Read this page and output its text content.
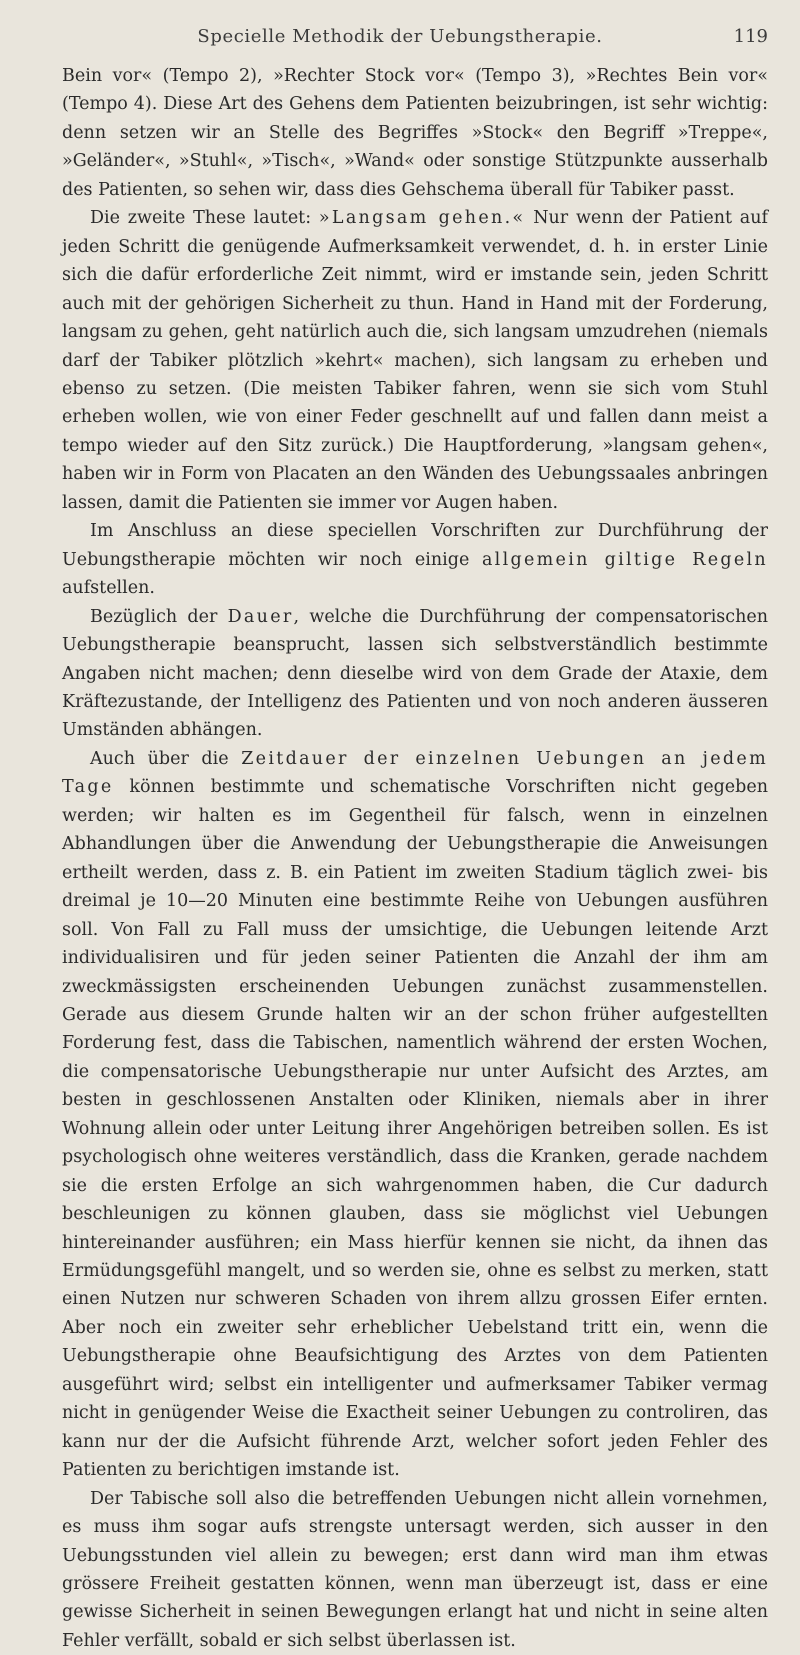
Specielle Methodik der Uebungstherapie.	119

Bein vor« (Tempo 2), »Rechter Stock vor« (Tempo 3), »Rechtes Bein vor« (Tempo 4). Diese Art des Gehens dem Patienten beizubringen, ist sehr wichtig: denn setzen wir an Stelle des Begriffes »Stock« den Begriff »Treppe«, »Geländer«, »Stuhl«, »Tisch«, »Wand« oder sonstige Stützpunkte ausserhalb des Patienten, so sehen wir, dass dies Gehschema überall für Tabiker passt.

Die zweite These lautet: »Langsam gehen.« Nur wenn der Patient auf jeden Schritt die genügende Aufmerksamkeit verwendet, d. h. in erster Linie sich die dafür erforderliche Zeit nimmt, wird er imstande sein, jeden Schritt auch mit der gehörigen Sicherheit zu thun. Hand in Hand mit der Forderung, langsam zu gehen, geht natürlich auch die, sich langsam umzudrehen (niemals darf der Tabiker plötzlich »kehrt« machen), sich langsam zu erheben und ebenso zu setzen. (Die meisten Tabiker fahren, wenn sie sich vom Stuhl erheben wollen, wie von einer Feder geschnellt auf und fallen dann meist a tempo wieder auf den Sitz zurück.) Die Hauptforderung, »langsam gehen«, haben wir in Form von Placaten an den Wänden des Uebungssaales anbringen lassen, damit die Patienten sie immer vor Augen haben.

Im Anschluss an diese speciellen Vorschriften zur Durchführung der Uebungstherapie möchten wir noch einige allgemein giltige Regeln aufstellen.

Bezüglich der Dauer, welche die Durchführung der compensatorischen Uebungstherapie beansprucht, lassen sich selbstverständlich bestimmte Angaben nicht machen; denn dieselbe wird von dem Grade der Ataxie, dem Kräftezustande, der Intelligenz des Patienten und von noch anderen äusseren Umständen abhängen.

Auch über die Zeitdauer der einzelnen Uebungen an jedem Tage können bestimmte und schematische Vorschriften nicht gegeben werden; wir halten es im Gegentheil für falsch, wenn in einzelnen Abhandlungen über die Anwendung der Uebungstherapie die Anweisungen ertheilt werden, dass z. B. ein Patient im zweiten Stadium täglich zwei- bis dreimal je 10—20 Minuten eine bestimmte Reihe von Uebungen ausführen soll. Von Fall zu Fall muss der umsichtige, die Uebungen leitende Arzt individualisiren und für jeden seiner Patienten die Anzahl der ihm am zweckmässigsten erscheinenden Uebungen zunächst zusammenstellen. Gerade aus diesem Grunde halten wir an der schon früher aufgestellten Forderung fest, dass die Tabischen, namentlich während der ersten Wochen, die compensatorische Uebungstherapie nur unter Aufsicht des Arztes, am besten in geschlossenen Anstalten oder Kliniken, niemals aber in ihrer Wohnung allein oder unter Leitung ihrer Angehörigen betreiben sollen. Es ist psychologisch ohne weiteres verständlich, dass die Kranken, gerade nachdem sie die ersten Erfolge an sich wahrgenommen haben, die Cur dadurch beschleunigen zu können glauben, dass sie möglichst viel Uebungen hintereinander ausführen; ein Mass hierfür kennen sie nicht, da ihnen das Ermüdungsgefühl mangelt, und so werden sie, ohne es selbst zu merken, statt einen Nutzen nur schweren Schaden von ihrem allzu grossen Eifer ernten. Aber noch ein zweiter sehr erheblicher Uebelstand tritt ein, wenn die Uebungstherapie ohne Beaufsichtigung des Arztes von dem Patienten ausgeführt wird; selbst ein intelligenter und aufmerksamer Tabiker vermag nicht in genügender Weise die Exactheit seiner Uebungen zu controliren, das kann nur der die Aufsicht führende Arzt, welcher sofort jeden Fehler des Patienten zu berichtigen imstande ist.

Der Tabische soll also die betreffenden Uebungen nicht allein vornehmen, es muss ihm sogar aufs strengste untersagt werden, sich ausser in den Uebungsstunden viel allein zu bewegen; erst dann wird man ihm etwas grössere Freiheit gestatten können, wenn man überzeugt ist, dass er eine gewisse Sicherheit in seinen Bewegungen erlangt hat und nicht in seine alten Fehler verfällt, sobald er sich selbst überlassen ist.
